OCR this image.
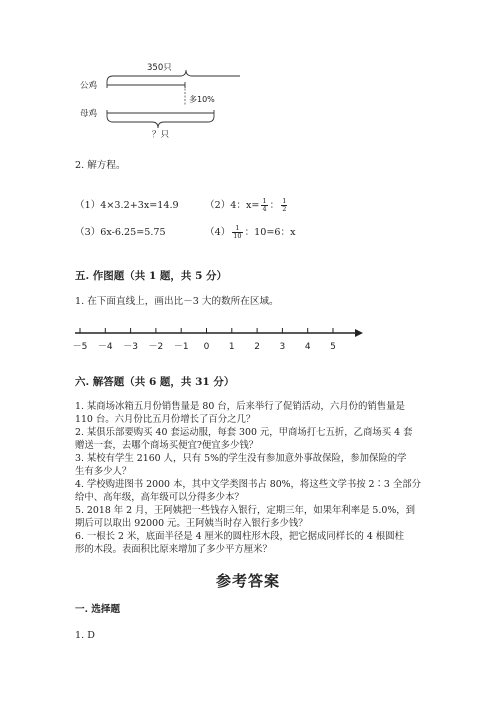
350只
公鸡
多10%
母鸡
？只
2. 解方程。
（1）4×3.2+3x=14.9	（2）4：$x= \frac{1}{4}$ ： $\frac{1}{2}$
（3）6x-6.25=5.75	$(4) \frac{1}{10}$ ：10=6：x
五. 作图题（共 1 题，共 5 分）
1. 在下面直线上，画出比－3 大的数所在区域。
－5 －4 －3 －2 －1 0 1 2 3 4 5
六. 解答题（共 6 题，共 31 分）

1. 某商场冰箱五月份销售量是 80 台，后来举行了促销活动，六月份的销售量是

110 台。六月份比五月份增长了百分之几？

2. 某俱乐部要购买 40 套运动服，每套 300 元，甲商场打七五折，乙商场买 4 套

赠送一套，去哪个商场买便宜?便宜多少钱？

3. 某校有学生 2160 人，只有 5%的学生没有参加意外事故保险，参加保险的学

生有多少人？

4. 学校购进图书 2000 本，其中文学类图书占 80%，将这些文学书按 2∶3 全部分

给中、高年级，高年级可以分得多少本？

5. 2018 年 2 月，王阿姨把一些钱存入银行，定期三年，如果年利率是 5.0%，到

期后可以取出 92000 元。王阿姨当时存入银行多少钱？

6. 一根长 2 米，底面半径是 4 厘米的圆柱形木段，把它据成同样长的 4 根圆柱

形的木段。表面积比原来增加了多少平方厘米？

参考答案
一. 选择题
1. D
